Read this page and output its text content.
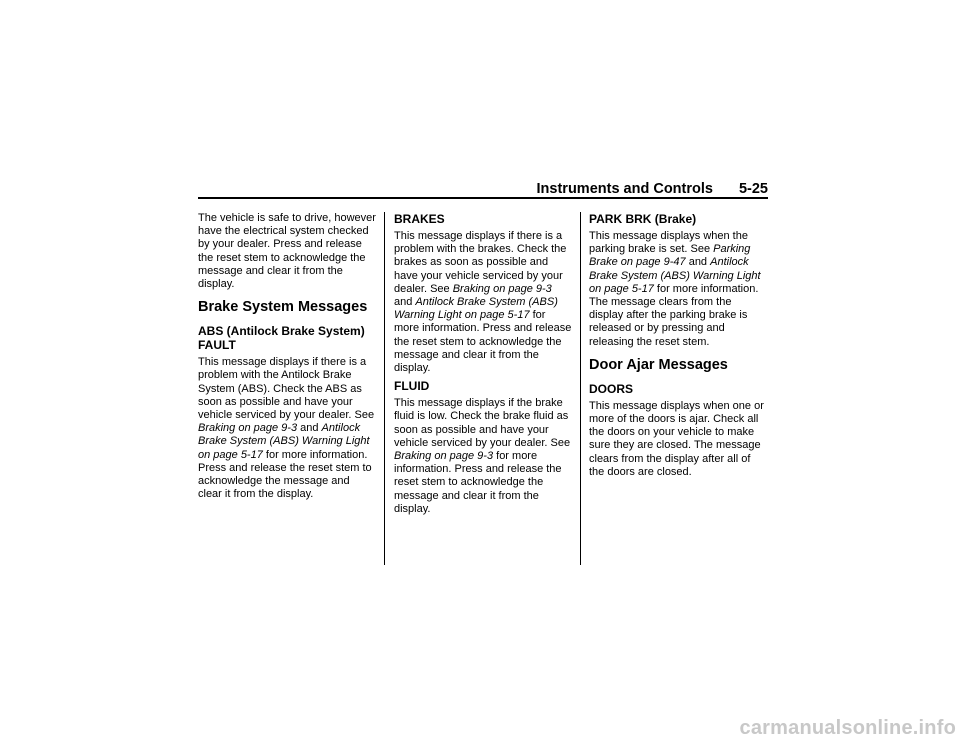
Instruments and Controls 5-25

The vehicle is safe to drive, however have the electrical system checked by your dealer. Press and release the reset stem to acknowledge the message and clear it from the display.

Brake System Messages
ABS (Antilock Brake System) FAULT

This message displays if there is a problem with the Antilock Brake System (ABS). Check the ABS as soon as possible and have your vehicle serviced by your dealer. See Braking on page 9-3 and Antilock Brake System (ABS) Warning Light on page 5-17 for more information. Press and release the reset stem to acknowledge the message and clear it from the display.

BRAKES

This message displays if there is a problem with the brakes. Check the brakes as soon as possible and have your vehicle serviced by your dealer. See Braking on page 9-3 and Antilock Brake System (ABS) Warning Light on page 5-17 for more information. Press and release the reset stem to acknowledge the message and clear it from the display.

FLUID

This message displays if the brake fluid is low. Check the brake fluid as soon as possible and have your vehicle serviced by your dealer. See Braking on page 9-3 for more information. Press and release the reset stem to acknowledge the message and clear it from the display.

PARK BRK (Brake)

This message displays when the parking brake is set. See Parking Brake on page 9-47 and Antilock Brake System (ABS) Warning Light on page 5-17 for more information. The message clears from the display after the parking brake is released or by pressing and releasing the reset stem.

Door Ajar Messages
DOORS

This message displays when one or more of the doors is ajar. Check all the doors on your vehicle to make sure they are closed. The message clears from the display after all of the doors are closed.

carmanualsonline.info
